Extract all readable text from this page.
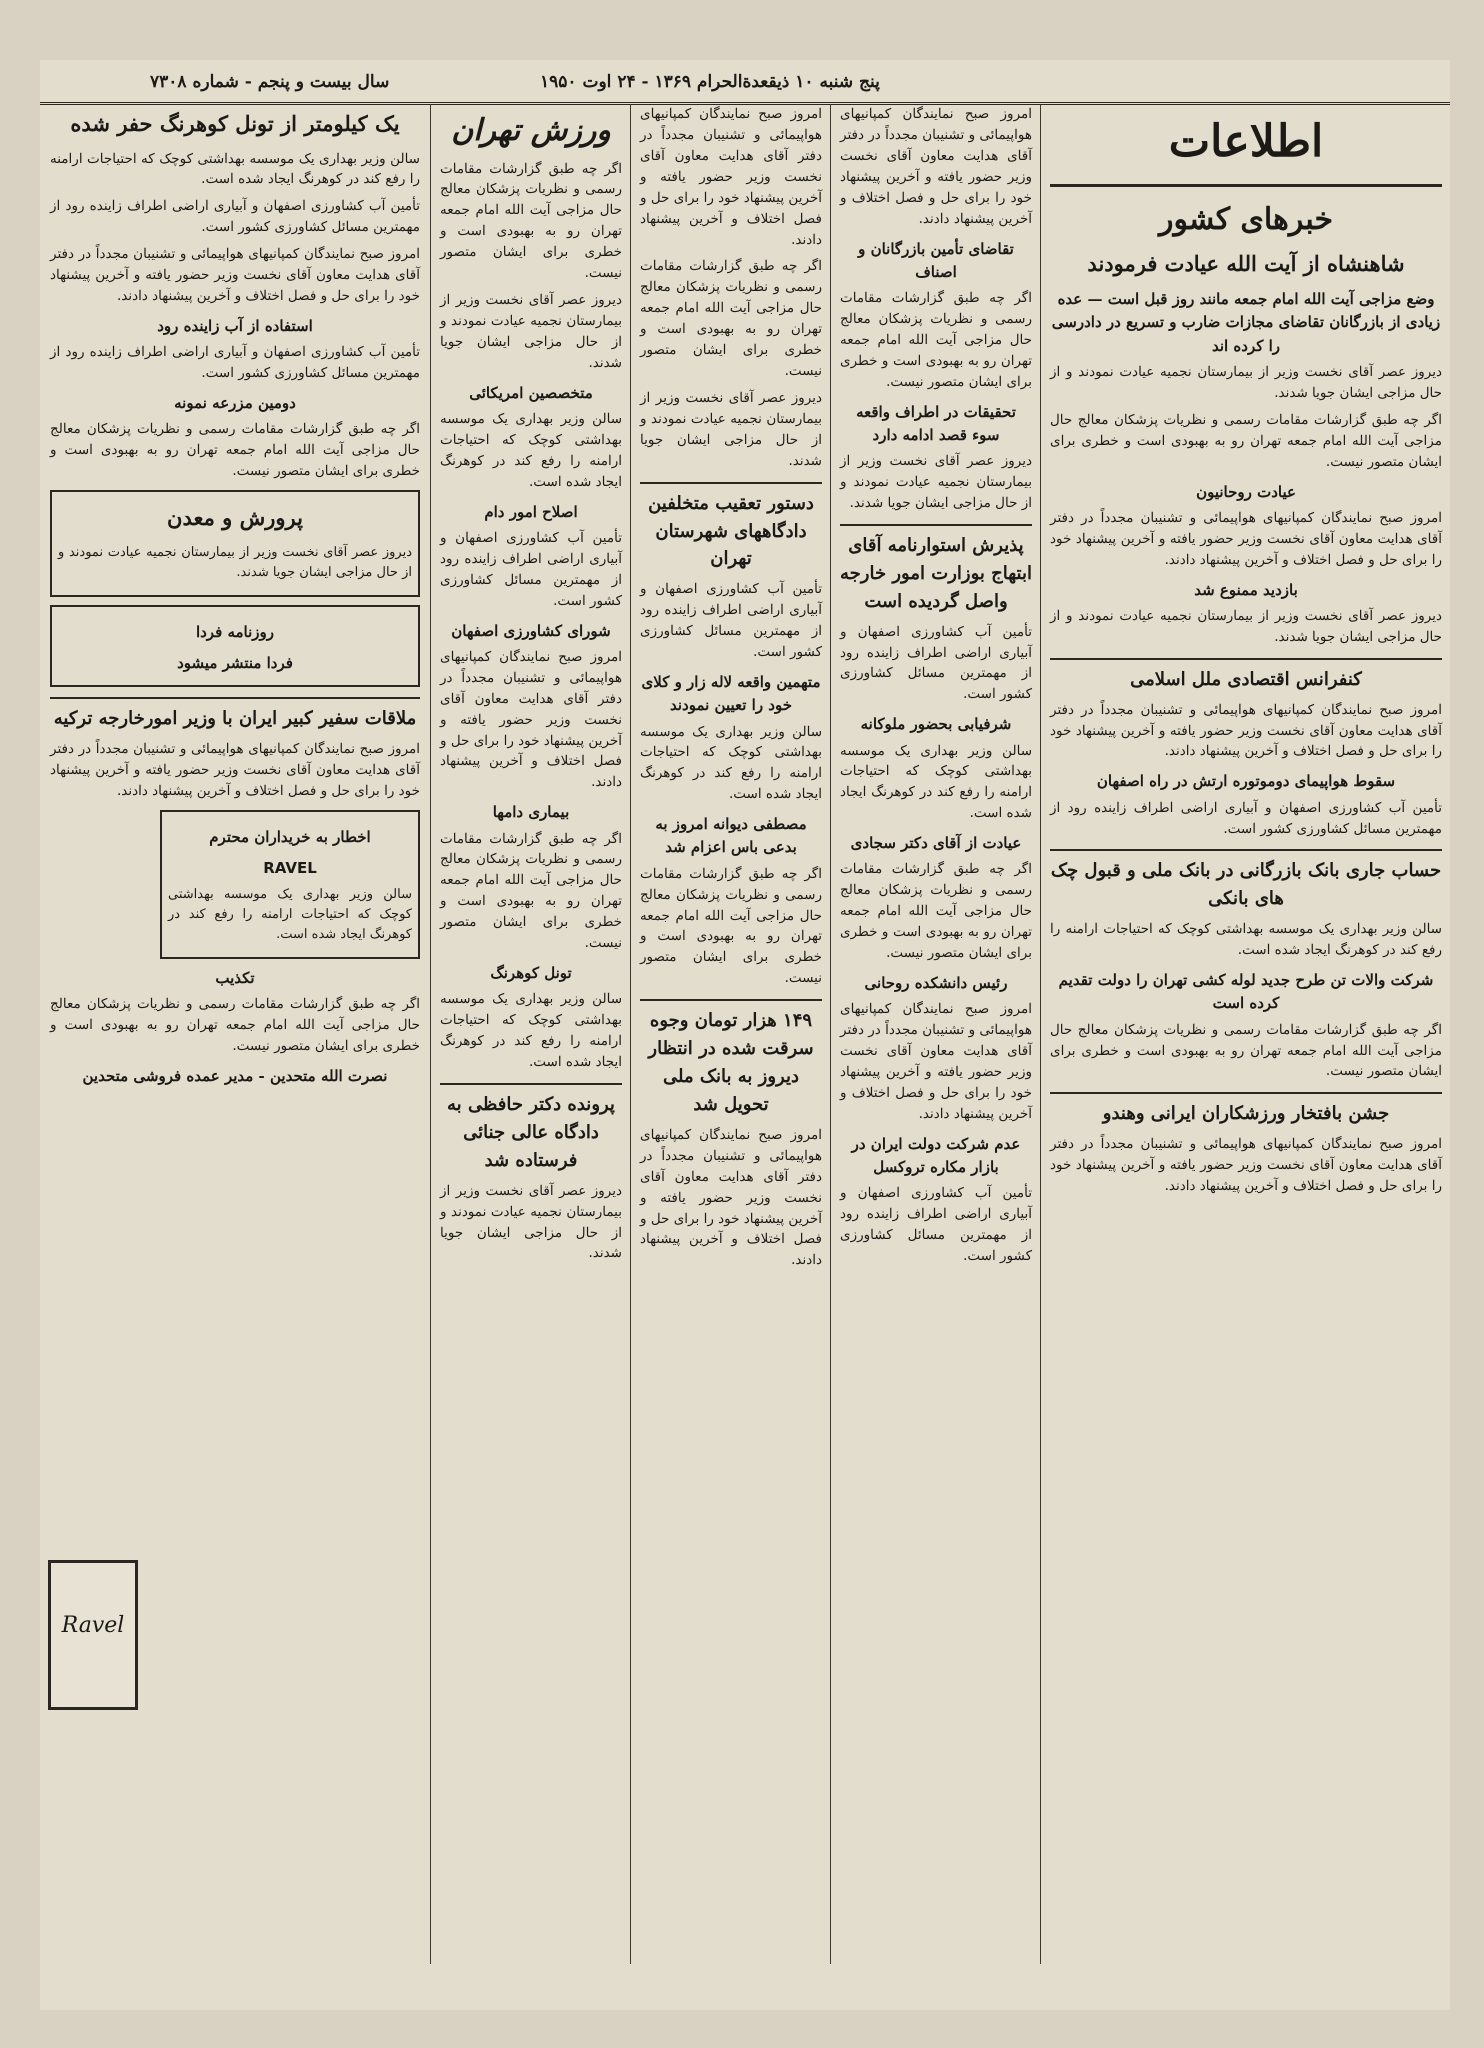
پنج شنبه ۱۰ ذیقعدةالحرام ۱۳۶۹ - ۲۴ اوت ۱۹۵۰
سال بیست و پنجم - شماره ۷۳۰۸
اطلاعات
خبرهای کشور
شاهنشاه از آیت الله عیادت فرمودند
وضع مزاجی آیت الله امام جمعه مانند روز قبل است — عده زیادی از بازرگانان تقاضای مجازات ضارب و تسریع در دادرسی را کرده اند

دیروز عصر آقای نخست وزیر از بیمارستان نجمیه عیادت نمودند و از حال مزاجی ایشان جویا شدند.

اگر چه طبق گزارشات مقامات رسمی و نظریات پزشکان معالج حال مزاجی آیت الله امام جمعه تهران رو به بهبودی است و خطری برای ایشان متصور نیست.

عیادت روحانیون

امروز صبح نمایندگان کمپانیهای هواپیمائی و تشنیبان مجدداً در دفتر آقای هدایت معاون آقای نخست وزیر حضور یافته و آخرین پیشنهاد خود را برای حل و فصل اختلاف و آخرین پیشنهاد دادند.

بازدید ممنوع شد

دیروز عصر آقای نخست وزیر از بیمارستان نجمیه عیادت نمودند و از حال مزاجی ایشان جویا شدند.

کنفرانس اقتصادی ملل اسلامی

امروز صبح نمایندگان کمپانیهای هواپیمائی و تشنیبان مجدداً در دفتر آقای هدایت معاون آقای نخست وزیر حضور یافته و آخرین پیشنهاد خود را برای حل و فصل اختلاف و آخرین پیشنهاد دادند.

سقوط هواپیمای دوموتوره ارتش در راه اصفهان

تأمین آب کشاورزی اصفهان و آبیاری اراضی اطراف زاینده رود از مهمترین مسائل کشاورزی کشور است.

حساب جاری بانک بازرگانی در بانک ملی و قبول چک های بانکی

سالن وزیر بهداری یک موسسه بهداشتی کوچک که احتیاجات ارامنه را رفع کند در کوهرنگ ایجاد شده است.

شرکت والات تن طرح جدید لوله کشی تهران را دولت تقدیم کرده است

اگر چه طبق گزارشات مقامات رسمی و نظریات پزشکان معالج حال مزاجی آیت الله امام جمعه تهران رو به بهبودی است و خطری برای ایشان متصور نیست.

جشن بافتخار ورزشکاران ایرانی وهندو

امروز صبح نمایندگان کمپانیهای هواپیمائی و تشنیبان مجدداً در دفتر آقای هدایت معاون آقای نخست وزیر حضور یافته و آخرین پیشنهاد خود را برای حل و فصل اختلاف و آخرین پیشنهاد دادند.

امروز صبح نمایندگان کمپانیهای هواپیمائی و تشنیبان مجدداً در دفتر آقای هدایت معاون آقای نخست وزیر حضور یافته و آخرین پیشنهاد خود را برای حل و فصل اختلاف و آخرین پیشنهاد دادند.

تقاضای تأمین بازرگانان و اصناف

اگر چه طبق گزارشات مقامات رسمی و نظریات پزشکان معالج حال مزاجی آیت الله امام جمعه تهران رو به بهبودی است و خطری برای ایشان متصور نیست.

تحقیقات در اطراف واقعه سوء قصد ادامه دارد

دیروز عصر آقای نخست وزیر از بیمارستان نجمیه عیادت نمودند و از حال مزاجی ایشان جویا شدند.

پذیرش استوارنامه آقای ابتهاج بوزارت امور خارجه واصل گردیده است

تأمین آب کشاورزی اصفهان و آبیاری اراضی اطراف زاینده رود از مهمترین مسائل کشاورزی کشور است.

شرفیابی بحضور ملوکانه

سالن وزیر بهداری یک موسسه بهداشتی کوچک که احتیاجات ارامنه را رفع کند در کوهرنگ ایجاد شده است.

عیادت از آقای دکتر سجادی

اگر چه طبق گزارشات مقامات رسمی و نظریات پزشکان معالج حال مزاجی آیت الله امام جمعه تهران رو به بهبودی است و خطری برای ایشان متصور نیست.

رئیس دانشکده روحانی

امروز صبح نمایندگان کمپانیهای هواپیمائی و تشنیبان مجدداً در دفتر آقای هدایت معاون آقای نخست وزیر حضور یافته و آخرین پیشنهاد خود را برای حل و فصل اختلاف و آخرین پیشنهاد دادند.

عدم شرکت دولت ایران در بازار مکاره تروکسل

تأمین آب کشاورزی اصفهان و آبیاری اراضی اطراف زاینده رود از مهمترین مسائل کشاورزی کشور است.

امروز صبح نمایندگان کمپانیهای هواپیمائی و تشنیبان مجدداً در دفتر آقای هدایت معاون آقای نخست وزیر حضور یافته و آخرین پیشنهاد خود را برای حل و فصل اختلاف و آخرین پیشنهاد دادند.

اگر چه طبق گزارشات مقامات رسمی و نظریات پزشکان معالج حال مزاجی آیت الله امام جمعه تهران رو به بهبودی است و خطری برای ایشان متصور نیست.

دیروز عصر آقای نخست وزیر از بیمارستان نجمیه عیادت نمودند و از حال مزاجی ایشان جویا شدند.

دستور تعقیب متخلفین دادگاههای شهرستان تهران

تأمین آب کشاورزی اصفهان و آبیاری اراضی اطراف زاینده رود از مهمترین مسائل کشاورزی کشور است.

متهمین واقعه لاله زار و کلای خود را تعیین نمودند

سالن وزیر بهداری یک موسسه بهداشتی کوچک که احتیاجات ارامنه را رفع کند در کوهرنگ ایجاد شده است.

مصطفی دیوانه امروز به بدعی باس اعزام شد

اگر چه طبق گزارشات مقامات رسمی و نظریات پزشکان معالج حال مزاجی آیت الله امام جمعه تهران رو به بهبودی است و خطری برای ایشان متصور نیست.

۱۴۹ هزار تومان وجوه سرقت شده در انتظار دیروز به بانک ملی تحویل شد

امروز صبح نمایندگان کمپانیهای هواپیمائی و تشنیبان مجدداً در دفتر آقای هدایت معاون آقای نخست وزیر حضور یافته و آخرین پیشنهاد خود را برای حل و فصل اختلاف و آخرین پیشنهاد دادند.

ورزش تهران

اگر چه طبق گزارشات مقامات رسمی و نظریات پزشکان معالج حال مزاجی آیت الله امام جمعه تهران رو به بهبودی است و خطری برای ایشان متصور نیست.

دیروز عصر آقای نخست وزیر از بیمارستان نجمیه عیادت نمودند و از حال مزاجی ایشان جویا شدند.

متخصصین امریکائی

سالن وزیر بهداری یک موسسه بهداشتی کوچک که احتیاجات ارامنه را رفع کند در کوهرنگ ایجاد شده است.

اصلاح امور دام

تأمین آب کشاورزی اصفهان و آبیاری اراضی اطراف زاینده رود از مهمترین مسائل کشاورزی کشور است.

شورای کشاورزی اصفهان

امروز صبح نمایندگان کمپانیهای هواپیمائی و تشنیبان مجدداً در دفتر آقای هدایت معاون آقای نخست وزیر حضور یافته و آخرین پیشنهاد خود را برای حل و فصل اختلاف و آخرین پیشنهاد دادند.

بیماری دامها

اگر چه طبق گزارشات مقامات رسمی و نظریات پزشکان معالج حال مزاجی آیت الله امام جمعه تهران رو به بهبودی است و خطری برای ایشان متصور نیست.

تونل کوهرنگ

سالن وزیر بهداری یک موسسه بهداشتی کوچک که احتیاجات ارامنه را رفع کند در کوهرنگ ایجاد شده است.

پرونده دکتر حافظی به دادگاه عالی جنائی فرستاده شد

دیروز عصر آقای نخست وزیر از بیمارستان نجمیه عیادت نمودند و از حال مزاجی ایشان جویا شدند.

یک کیلومتر از تونل کوهرنگ حفر شده

سالن وزیر بهداری یک موسسه بهداشتی کوچک که احتیاجات ارامنه را رفع کند در کوهرنگ ایجاد شده است.

تأمین آب کشاورزی اصفهان و آبیاری اراضی اطراف زاینده رود از مهمترین مسائل کشاورزی کشور است.

امروز صبح نمایندگان کمپانیهای هواپیمائی و تشنیبان مجدداً در دفتر آقای هدایت معاون آقای نخست وزیر حضور یافته و آخرین پیشنهاد خود را برای حل و فصل اختلاف و آخرین پیشنهاد دادند.

استفاده از آب زاینده رود

تأمین آب کشاورزی اصفهان و آبیاری اراضی اطراف زاینده رود از مهمترین مسائل کشاورزی کشور است.

دومین مزرعه نمونه

اگر چه طبق گزارشات مقامات رسمی و نظریات پزشکان معالج حال مزاجی آیت الله امام جمعه تهران رو به بهبودی است و خطری برای ایشان متصور نیست.

پرورش و معدن

دیروز عصر آقای نخست وزیر از بیمارستان نجمیه عیادت نمودند و از حال مزاجی ایشان جویا شدند.

روزنامه فردا
فردا منتشر میشود
ملاقات سفیر کبیر ایران با وزیر امورخارجه ترکیه

امروز صبح نمایندگان کمپانیهای هواپیمائی و تشنیبان مجدداً در دفتر آقای هدایت معاون آقای نخست وزیر حضور یافته و آخرین پیشنهاد خود را برای حل و فصل اختلاف و آخرین پیشنهاد دادند.

اخطار به خریداران محترم
RAVEL

سالن وزیر بهداری یک موسسه بهداشتی کوچک که احتیاجات ارامنه را رفع کند در کوهرنگ ایجاد شده است.

تکذیب

اگر چه طبق گزارشات مقامات رسمی و نظریات پزشکان معالج حال مزاجی آیت الله امام جمعه تهران رو به بهبودی است و خطری برای ایشان متصور نیست.

نصرت الله متحدین - مدیر عمده فروشی متحدین
Ravel
